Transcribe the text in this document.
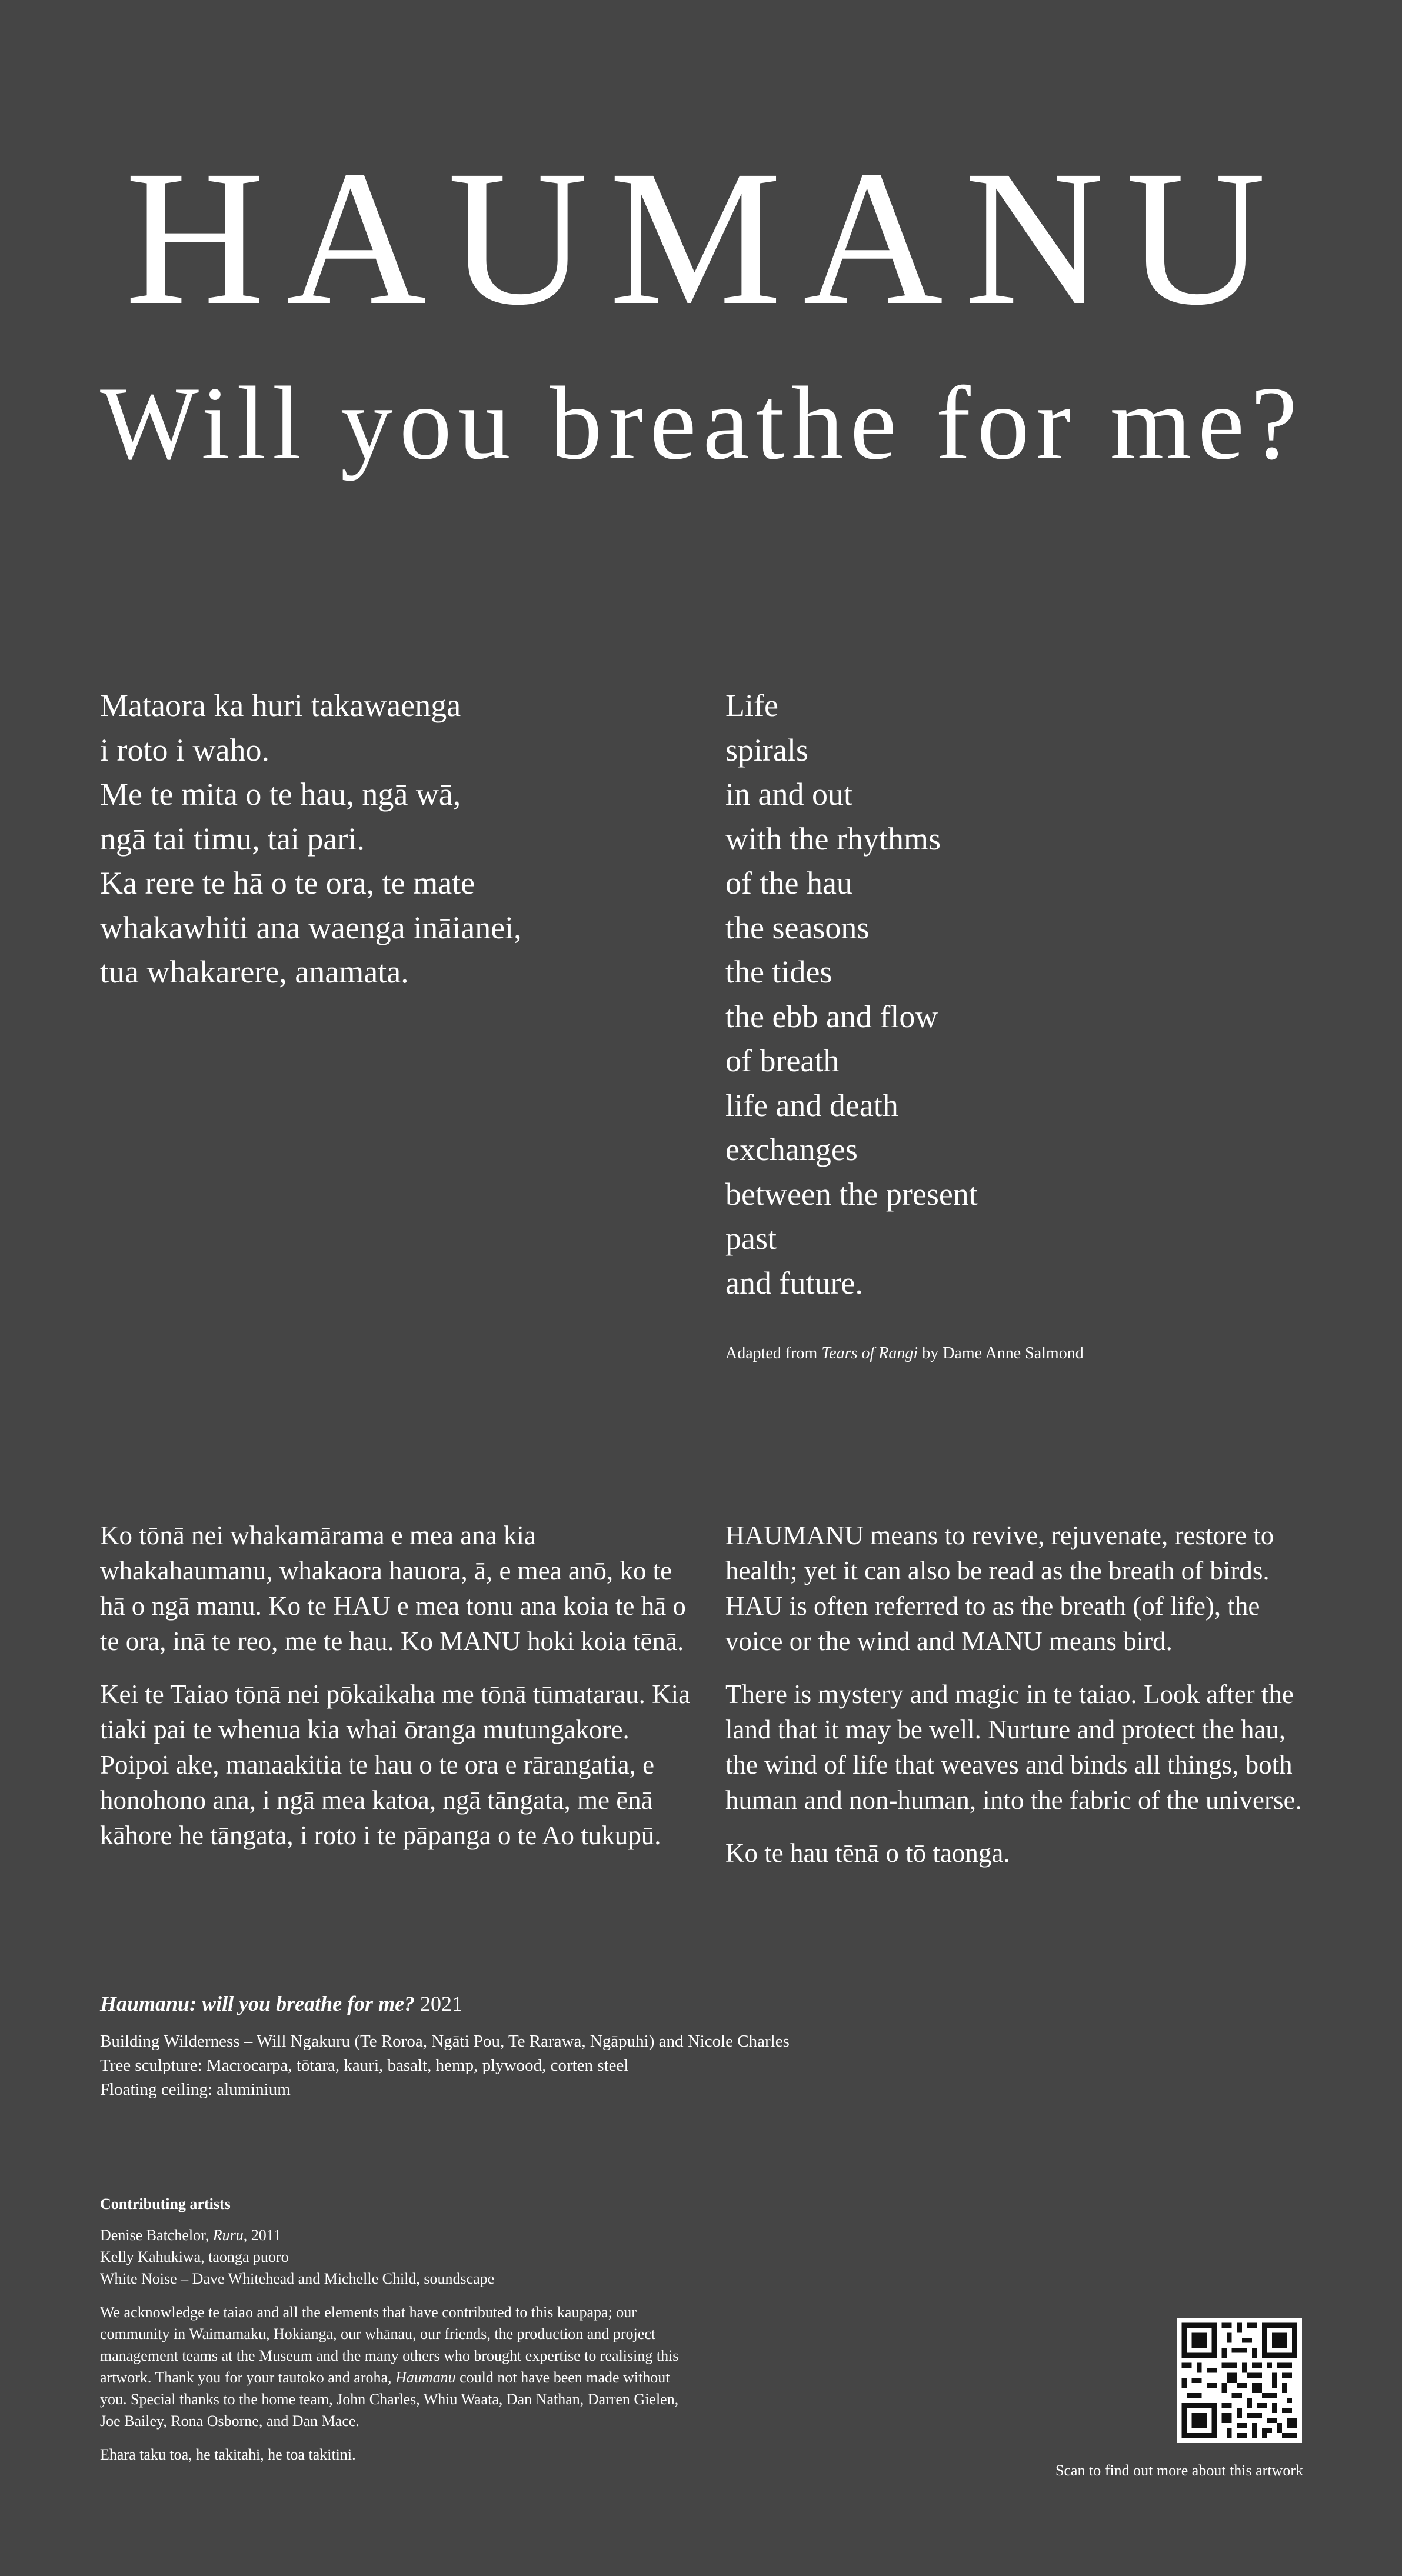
HAUMANU
Will you breathe for me?
Mataora ka huri takawaenga
i roto i waho.
Me te mita o te hau, ngā wā,
ngā tai timu, tai pari.
Ka rere te hā o te ora, te mate
whakawhiti ana waenga ināianei,
tua whakarere, anamata.
Life
spirals
in and out
with the rhythms
of the hau
the seasons
the tides
the ebb and flow
of breath
life and death
exchanges
between the present
past
and future.
Adapted from Tears of Rangi by Dame Anne Salmond

Ko tōnā nei whakamārama e mea ana kia whakahaumanu, whakaora hauora, ā, e mea anō, ko te hā o ngā manu. Ko te HAU e mea tonu ana koia te hā o te ora, inā te reo, me te hau. Ko MANU hoki koia tēnā.

Kei te Taiao tōnā nei pōkaikaha me tōnā tūmatarau. Kia tiaki pai te whenua kia whai ōranga mutungakore. Poipoi ake, manaakitia te hau o te ora e rārangatia, e honohono ana, i ngā mea katoa, ngā tāngata, me ēnā kāhore he tāngata, i roto i te pāpanga o te Ao tukupū.

HAUMANU means to revive, rejuvenate, restore to health; yet it can also be read as the breath of birds. HAU is often referred to as the breath (of life), the voice or the wind and MANU means bird.

There is mystery and magic in te taiao. Look after the land that it may be well. Nurture and protect the hau, the wind of life that weaves and binds all things, both human and non-human, into the fabric of the universe.

Ko te hau tēnā o tō taonga.

Haumanu: will you breathe for me? 2021
Building Wilderness – Will Ngakuru (Te Roroa, Ngāti Pou, Te Rarawa, Ngāpuhi) and Nicole Charles
Tree sculpture: Macrocarpa, tōtara, kauri, basalt, hemp, plywood, corten steel
Floating ceiling: aluminium
Contributing artists

Denise Batchelor, Ruru, 2011
Kelly Kahukiwa, taonga puoro
White Noise – Dave Whitehead and Michelle Child, soundscape

We acknowledge te taiao and all the elements that have contributed to this kaupapa; our community in Waimamaku, Hokianga, our whānau, our friends, the production and project management teams at the Museum and the many others who brought expertise to realising this artwork. Thank you for your tautoko and aroha, Haumanu could not have been made without you. Special thanks to the home team, John Charles, Whiu Waata, Dan Nathan, Darren Gielen, Joe Bailey, Rona Osborne, and Dan Mace.

Ehara taku toa, he takitahi, he toa takitini.

Scan to find out more about this artwork
